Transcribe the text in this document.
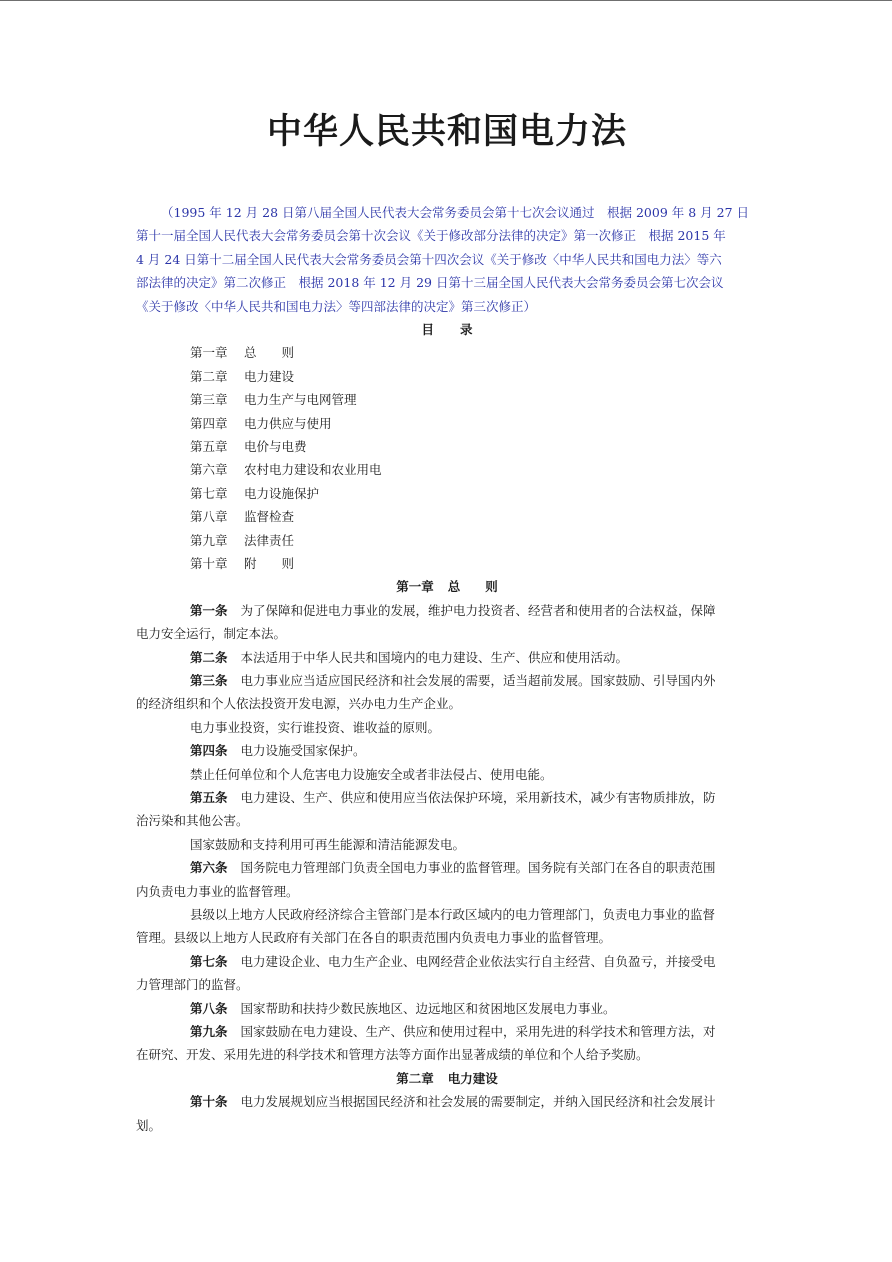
中华人民共和国电力法
（1995 年 12 月 28 日第八届全国人民代表大会常务委员会第十七次会议通过　根据 2009 年 8 月 27 日
第十一届全国人民代表大会常务委员会第十次会议《关于修改部分法律的决定》第一次修正　根据 2015 年
4 月 24 日第十二届全国人民代表大会常务委员会第十四次会议《关于修改〈中华人民共和国电力法〉等六
部法律的决定》第二次修正　根据 2018 年 12 月 29 日第十三届全国人民代表大会常务委员会第七次会议
《关于修改〈中华人民共和国电力法〉等四部法律的决定》第三次修正）
目 录
第一章 总　　则
第二章 电力建设
第三章 电力生产与电网管理
第四章 电力供应与使用
第五章 电价与电费
第六章 农村电力建设和农业用电
第七章 电力设施保护
第八章 监督检查
第九章 法律责任
第十章 附　　则
第一章 总　　则
第一条 为了保障和促进电力事业的发展，维护电力投资者、经营者和使用者的合法权益，保障
电力安全运行，制定本法。
第二条 本法适用于中华人民共和国境内的电力建设、生产、供应和使用活动。
第三条 电力事业应当适应国民经济和社会发展的需要，适当超前发展。国家鼓励、引导国内外
的经济组织和个人依法投资开发电源，兴办电力生产企业。
电力事业投资，实行谁投资、谁收益的原则。
第四条 电力设施受国家保护。
禁止任何单位和个人危害电力设施安全或者非法侵占、使用电能。
第五条 电力建设、生产、供应和使用应当依法保护环境，采用新技术，减少有害物质排放，防
治污染和其他公害。
国家鼓励和支持利用可再生能源和清洁能源发电。
第六条 国务院电力管理部门负责全国电力事业的监督管理。国务院有关部门在各自的职责范围
内负责电力事业的监督管理。
县级以上地方人民政府经济综合主管部门是本行政区域内的电力管理部门，负责电力事业的监督
管理。县级以上地方人民政府有关部门在各自的职责范围内负责电力事业的监督管理。
第七条 电力建设企业、电力生产企业、电网经营企业依法实行自主经营、自负盈亏，并接受电
力管理部门的监督。
第八条 国家帮助和扶持少数民族地区、边远地区和贫困地区发展电力事业。
第九条 国家鼓励在电力建设、生产、供应和使用过程中，采用先进的科学技术和管理方法，对
在研究、开发、采用先进的科学技术和管理方法等方面作出显著成绩的单位和个人给予奖励。
第二章 电力建设
第十条 电力发展规划应当根据国民经济和社会发展的需要制定，并纳入国民经济和社会发展计
划。
